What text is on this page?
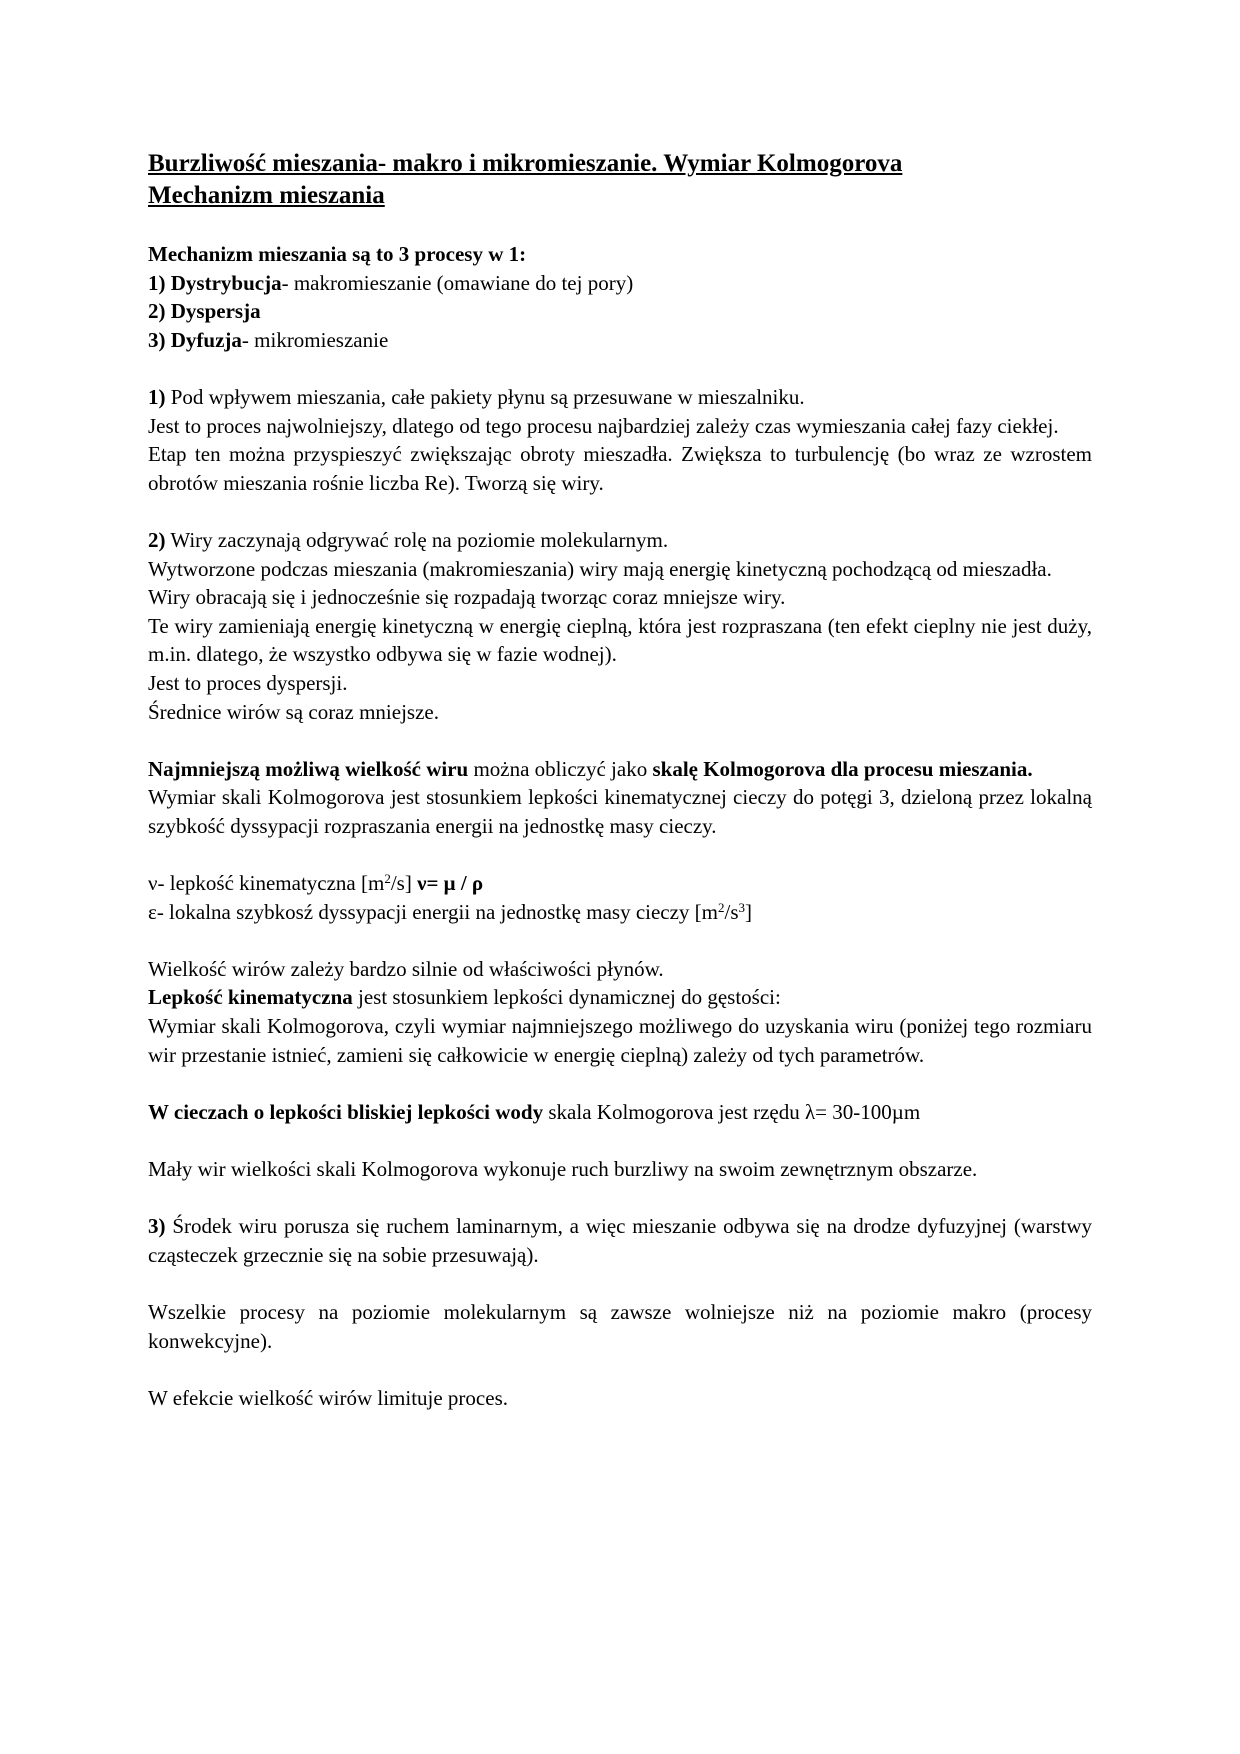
Burzliwość mieszania- makro i mikromieszanie. Wymiar Kolmogorova
Mechanizm mieszania
Mechanizm mieszania są to 3 procesy w 1:
1) Dystrybucja- makromieszanie (omawiane do tej pory)
2) Dyspersja
3) Dyfuzja- mikromieszanie
1) Pod wpływem mieszania, całe pakiety płynu są przesuwane w mieszalniku.
Jest to proces najwolniejszy, dlatego od tego procesu najbardziej zależy czas wymieszania całej fazy ciekłej.
Etap ten można przyspieszyć zwiększając obroty mieszadła. Zwiększa to turbulencję (bo wraz ze wzrostem obrotów mieszania rośnie liczba Re). Tworzą się wiry.
2) Wiry zaczynają odgrywać rolę na poziomie molekularnym.
Wytworzone podczas mieszania (makromieszania) wiry mają energię kinetyczną pochodzącą od mieszadła.
Wiry obracają się i jednocześnie się rozpadają tworząc coraz mniejsze wiry.
Te wiry zamieniają energię kinetyczną w energię cieplną, która jest rozpraszana (ten efekt cieplny nie jest duży, m.in. dlatego, że wszystko odbywa się w fazie wodnej).
Jest to proces dyspersji.
Średnice wirów są coraz mniejsze.
Najmniejszą możliwą wielkość wiru można obliczyć jako skalę Kolmogorova dla procesu mieszania.
Wymiar skali Kolmogorova jest stosunkiem lepkości kinematycznej cieczy do potęgi 3, dzieloną przez lokalną szybkość dyssypacji rozpraszania energii na jednostkę masy cieczy.
ν- lepkość kinematyczna $[m^2/s]$ ν= μ / ρ
ε- lokalna szybkosź dyssypacji energii na jednostkę masy cieczy $[m^2/s^3]$
Wielkość wirów zależy bardzo silnie od właściwości płynów.
Lepkość kinematyczna jest stosunkiem lepkości dynamicznej do gęstości:
Wymiar skali Kolmogorova, czyli wymiar najmniejszego możliwego do uzyskania wiru (poniżej tego rozmiaru wir przestanie istnieć, zamieni się całkowicie w energię cieplną) zależy od tych parametrów.
W cieczach o lepkości bliskiej lepkości wody skala Kolmogorova jest rzędu λ= 30-100µm
Mały wir wielkości skali Kolmogorova wykonuje ruch burzliwy na swoim zewnętrznym obszarze.
3) Środek wiru porusza się ruchem laminarnym, a więc mieszanie odbywa się na drodze dyfuzyjnej (warstwy cząsteczek grzecznie się na sobie przesuwają).
Wszelkie procesy na poziomie molekularnym są zawsze wolniejsze niż na poziomie makro (procesy konwekcyjne).
W efekcie wielkość wirów limituje proces.
